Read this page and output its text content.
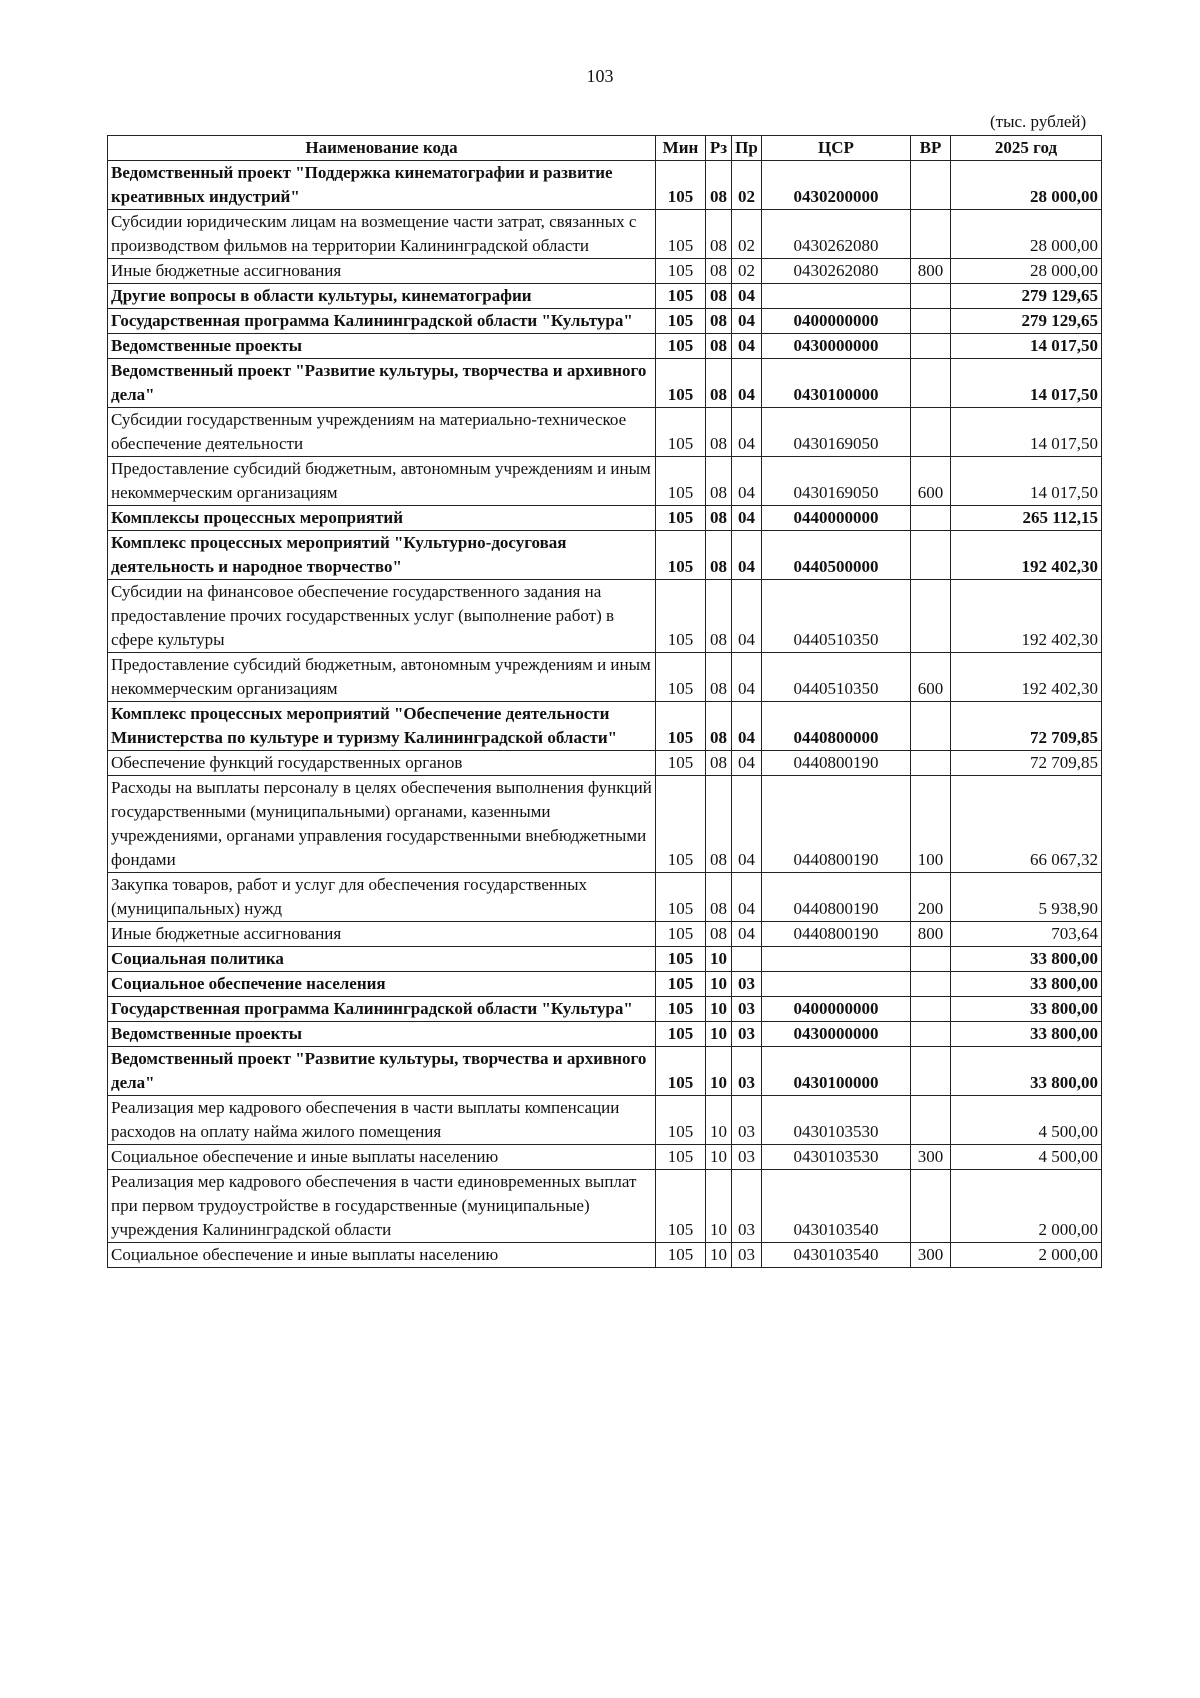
103
(тыс. рублей)
Наименование кода	Мин	Рз	Пр	ЦСР	ВР	2025 год
Ведомственный проект "Поддержка кинематографии и развитие креативных индустрий"	105	08	02	0430200000		28 000,00
Субсидии юридическим лицам на возмещение части затрат, связанных с производством фильмов на территории Калининградской области	105	08	02	0430262080		28 000,00
Иные бюджетные ассигнования	105	08	02	0430262080	800	28 000,00
Другие вопросы в области культуры, кинематографии	105	08	04			279 129,65
Государственная программа Калининградской области "Культура"	105	08	04	0400000000		279 129,65
Ведомственные проекты	105	08	04	0430000000		14 017,50
Ведомственный проект "Развитие культуры, творчества и архивного дела"	105	08	04	0430100000		14 017,50
Субсидии государственным учреждениям на материально-техническое обеспечение деятельности	105	08	04	0430169050		14 017,50
Предоставление субсидий бюджетным, автономным учреждениям и иным некоммерческим организациям	105	08	04	0430169050	600	14 017,50
Комплексы процессных мероприятий	105	08	04	0440000000		265 112,15
Комплекс процессных мероприятий "Культурно-досуговая деятельность и народное творчество"	105	08	04	0440500000		192 402,30
Субсидии на финансовое обеспечение государственного задания на предоставление прочих государственных услуг (выполнение работ) в сфере культуры	105	08	04	0440510350		192 402,30
Предоставление субсидий бюджетным, автономным учреждениям и иным некоммерческим организациям	105	08	04	0440510350	600	192 402,30
Комплекс процессных мероприятий "Обеспечение деятельности Министерства по культуре и туризму Калининградской области"	105	08	04	0440800000		72 709,85
Обеспечение функций государственных органов	105	08	04	0440800190		72 709,85
Расходы на выплаты персоналу в целях обеспечения выполнения функций государственными (муниципальными) органами, казенными учреждениями, органами управления государственными внебюджетными фондами	105	08	04	0440800190	100	66 067,32
Закупка товаров, работ и услуг для обеспечения государственных (муниципальных) нужд	105	08	04	0440800190	200	5 938,90
Иные бюджетные ассигнования	105	08	04	0440800190	800	703,64
Социальная политика	105	10				33 800,00
Социальное обеспечение населения	105	10	03			33 800,00
Государственная программа Калининградской области "Культура"	105	10	03	0400000000		33 800,00
Ведомственные проекты	105	10	03	0430000000		33 800,00
Ведомственный проект "Развитие культуры, творчества и архивного дела"	105	10	03	0430100000		33 800,00
Реализация мер кадрового обеспечения в части выплаты компенсации расходов на оплату найма жилого помещения	105	10	03	0430103530		4 500,00
Социальное обеспечение и иные выплаты населению	105	10	03	0430103530	300	4 500,00
Реализация мер кадрового обеспечения в части единовременных выплат при первом трудоустройстве в государственные (муниципальные) учреждения Калининградской области	105	10	03	0430103540		2 000,00
Социальное обеспечение и иные выплаты населению	105	10	03	0430103540	300	2 000,00
